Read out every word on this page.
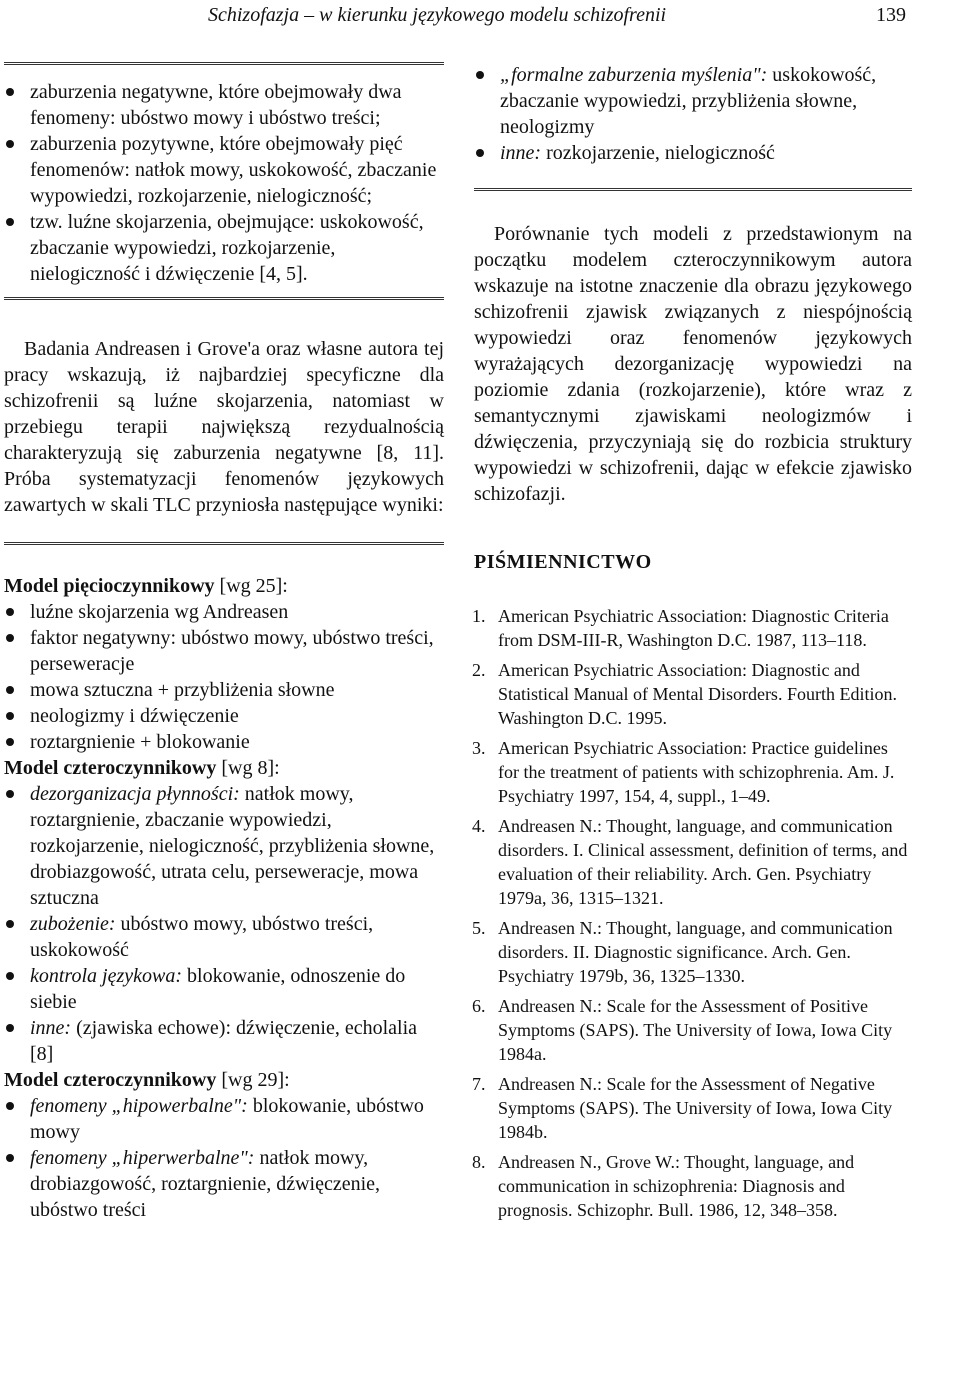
Schizofazja – w kierunku językowego modelu schizofrenii	139
zaburzenia negatywne, które obejmowały dwa fenomeny: ubóstwo mowy i ubóstwo treści;
zaburzenia pozytywne, które obejmowały pięć fenomenów: natłok mowy, uskokowość, zbaczanie wypowiedzi, rozkojarzenie, nielogiczność;
tzw. luźne skojarzenia, obejmujące: uskokowość, zbaczanie wypowiedzi, rozkojarzenie, nielogiczność i dźwięczenie [4, 5].

Badania Andreasen i Grove'a oraz własne autora tej pracy wskazują, iż najbardziej specyficzne dla schizofrenii są luźne skojarzenia, natomiast w przebiegu terapii największą rezydualnością charakteryzują się zaburzenia negatywne [8, 11]. Próba systematyzacji fenomenów językowych zawartych w skali TLC przyniosła następujące wyniki:

Model pięcioczynnikowy [wg 25]:

luźne skojarzenia wg Andreasen
faktor negatywny: ubóstwo mowy, ubóstwo treści, perseweracje
mowa sztuczna + przybliżenia słowne
neologizmy i dźwięczenie
roztargnienie + blokowanie

Model czteroczynnikowy [wg 8]:

dezorganizacja płynności: natłok mowy, roztargnienie, zbaczanie wypowiedzi, rozkojarzenie, nielogiczność, przybliżenia słowne, drobiazgowość, utrata celu, perseweracje, mowa sztuczna
zubożenie: ubóstwo mowy, ubóstwo treści, uskokowość
kontrola językowa: blokowanie, odnoszenie do siebie
inne: (zjawiska echowe): dźwięczenie, echolalia [8]

Model czteroczynnikowy [wg 29]:

fenomeny „hipowerbalne": blokowanie, ubóstwo mowy
fenomeny „hiperwerbalne": natłok mowy, drobiazgowość, roztargnienie, dźwięczenie, ubóstwo treści
„formalne zaburzenia myślenia": uskokowość, zbaczanie wypowiedzi, przybliżenia słowne, neologizmy
inne: rozkojarzenie, nielogiczność

Porównanie tych modeli z przedstawionym na początku modelem czteroczynnikowym autora wskazuje na istotne znaczenie dla obrazu językowego schizofrenii zjawisk związanych z niespójnością wypowiedzi oraz fenomenów językowych wyrażających dezorganizację wypowiedzi na poziomie zdania (rozkojarzenie), które wraz z semantycznymi zjawiskami neologizmów i dźwięczenia, przyczyniają się do rozbicia struktury wypowiedzi w schizofrenii, dając w efekcie zjawisko schizofazji.

PIŚMIENNICTWO

1. American Psychiatric Association: Diagnostic Criteria from DSM-III-R, Washington D.C. 1987, 113–118.
2. American Psychiatric Association: Diagnostic and Statistical Manual of Mental Disorders. Fourth Edition. Washington D.C. 1995.
3. American Psychiatric Association: Practice guidelines for the treatment of patients with schizophrenia. Am. J. Psychiatry 1997, 154, 4, suppl., 1–49.
4. Andreasen N.: Thought, language, and communication disorders. I. Clinical assessment, definition of terms, and evaluation of their reliability. Arch. Gen. Psychiatry 1979a, 36, 1315–1321.
5. Andreasen N.: Thought, language, and communication disorders. II. Diagnostic significance. Arch. Gen. Psychiatry 1979b, 36, 1325–1330.
6. Andreasen N.: Scale for the Assessment of Positive Symptoms (SAPS). The University of Iowa, Iowa City 1984a.
7. Andreasen N.: Scale for the Assessment of Negative Symptoms (SAPS). The University of Iowa, Iowa City 1984b.
8. Andreasen N., Grove W.: Thought, language, and communication in schizophrenia: Diagnosis and prognosis. Schizophr. Bull. 1986, 12, 348–358.
